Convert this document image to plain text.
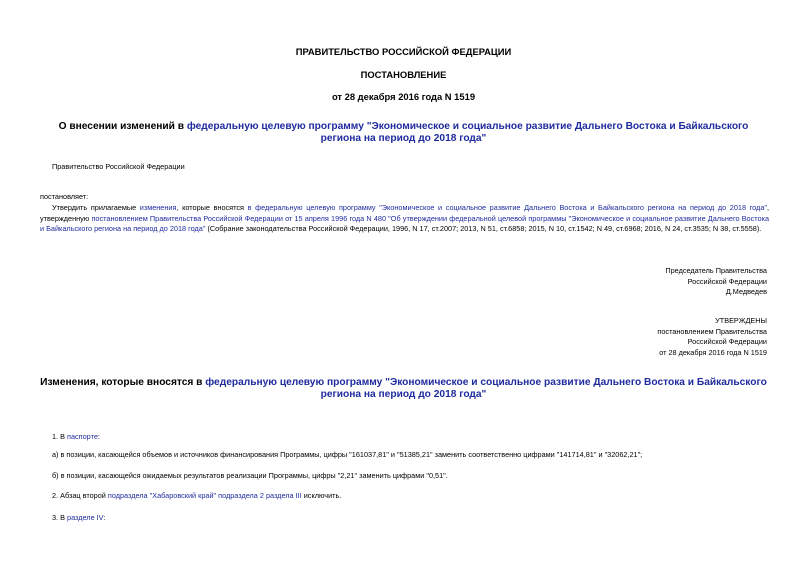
ПРАВИТЕЛЬСТВО РОССИЙСКОЙ ФЕДЕРАЦИИ
ПОСТАНОВЛЕНИЕ
от 28 декабря 2016 года N 1519
О внесении изменений в федеральную целевую программу "Экономическое и социальное развитие Дальнего Востока и Байкальского региона на период до 2018 года"
Правительство Российской Федерации
постановляет:
Утвердить прилагаемые изменения, которые вносятся в федеральную целевую программу "Экономическое и социальное развитие Дальнего Востока и Байкальского региона на период до 2018 года", утвержденную постановлением Правительства Российской Федерации от 15 апреля 1996 года N 480 "Об утверждении федеральной целевой программы "Экономическое и социальное развитие Дальнего Востока и Байкальского региона на период до 2018 года" (Собрание законодательства Российской Федерации, 1996, N 17, ст.2007; 2013, N 51, ст.6858; 2015, N 10, ст.1542; N 49, ст.6968; 2016, N 24, ст.3535; N 38, ст.5558).
Председатель Правительства
Российской Федерации
Д.Медведев
УТВЕРЖДЕНЫ
постановлением Правительства
Российской Федерации
от 28 декабря 2016 года N 1519
Изменения, которые вносятся в федеральную целевую программу "Экономическое и социальное развитие Дальнего Востока и Байкальского региона на период до 2018 года"
1. В паспорте:
а) в позиции, касающейся объемов и источников финансирования Программы, цифры "161037,81" и "51385,21" заменить соответственно цифрами "141714,81" и "32062,21";
б) в позиции, касающейся ожидаемых результатов реализации Программы, цифры "2,21" заменить цифрами "0,51".
2. Абзац второй подраздела "Хабаровский край" подраздела 2 раздела III исключить.
3. В разделе IV:
